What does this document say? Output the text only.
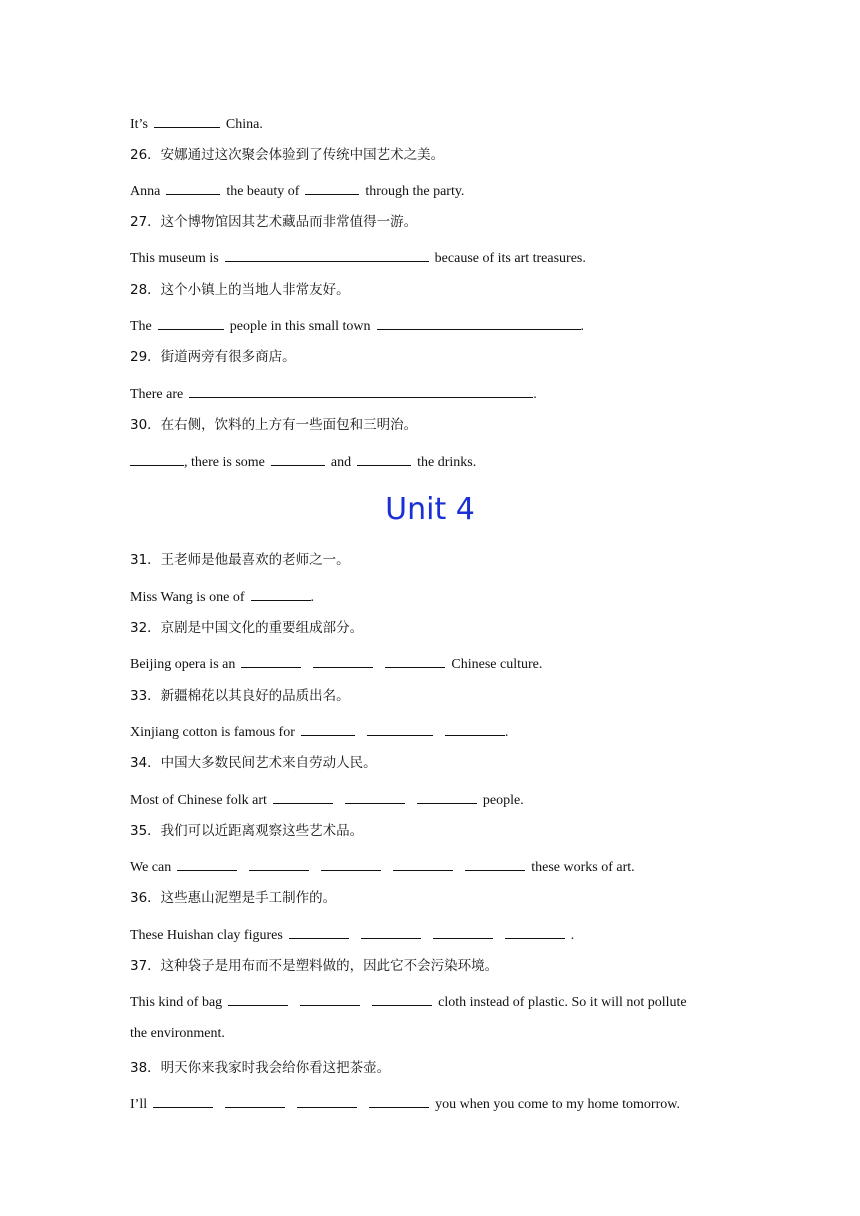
It’s	China.
26．安娜通过这次聚会体验到了传统中国艺术之美。
Anna	the beauty of	through the party.
27．这个博物馆因其艺术藏品而非常值得一游。
This museum is	because of its art treasures.
28．这个小镇上的当地人非常友好。
The	people in this small town	.
29．街道两旁有很多商店。
There are	.
30．在右侧，饮料的上方有一些面包和三明治。
, there is some	and	the drinks.
Unit 4
31．王老师是他最喜欢的老师之一。
Miss Wang is one of	.
32．京剧是中国文化的重要组成部分。
Beijing opera is an	Chinese culture.
33．新疆棉花以其良好的品质出名。
Xinjiang cotton is famous for	.
34．中国大多数民间艺术来自劳动人民。
Most of Chinese folk art	people.
35．我们可以近距离观察这些艺术品。
We can	these works of art.
36．这些惠山泥塑是手工制作的。
These Huishan clay figures	.
37．这种袋子是用布而不是塑料做的，因此它不会污染环境。
This kind of bag	cloth instead of plastic. So it will not pollute
the environment.
38．明天你来我家时我会给你看这把茶壶。
I’ll	you when you come to my home tomorrow.
